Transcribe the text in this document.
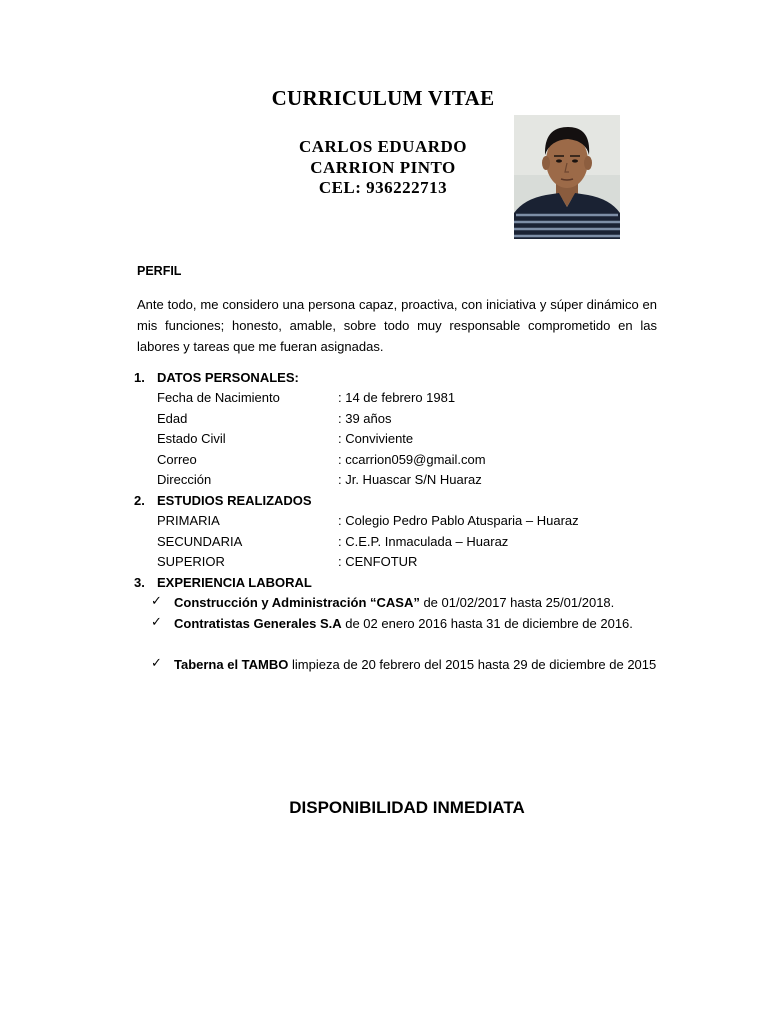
CURRICULUM VITAE
CARLOS EDUARDO
CARRION PINTO
CEL: 936222713
PERFIL
Ante todo, me considero una persona capaz, proactiva, con iniciativa y súper dinámico en mis funciones; honesto, amable, sobre todo muy responsable comprometido en las labores y tareas que me fueran asignadas.
1. DATOS PERSONALES:
Fecha de Nacimiento	: 14 de febrero 1981
Edad	: 39 años
Estado Civil	: Conviviente
Correo	: ccarrion059@gmail.com
Dirección	: Jr. Huascar S/N Huaraz
2. ESTUDIOS REALIZADOS
PRIMARIA	: Colegio Pedro Pablo Atusparia – Huaraz
SECUNDARIA	: C.E.P. Inmaculada – Huaraz
SUPERIOR	: CENFOTUR
3. EXPERIENCIA LABORAL
✓ Construcción y Administración “CASA” de 01/02/2017 hasta 25/01/2018.
✓ Contratistas Generales S.A de 02 enero 2016 hasta 31 de diciembre de 2016.
✓ Taberna el TAMBO limpieza de 20 febrero del 2015 hasta 29 de diciembre de 2015
DISPONIBILIDAD INMEDIATA
